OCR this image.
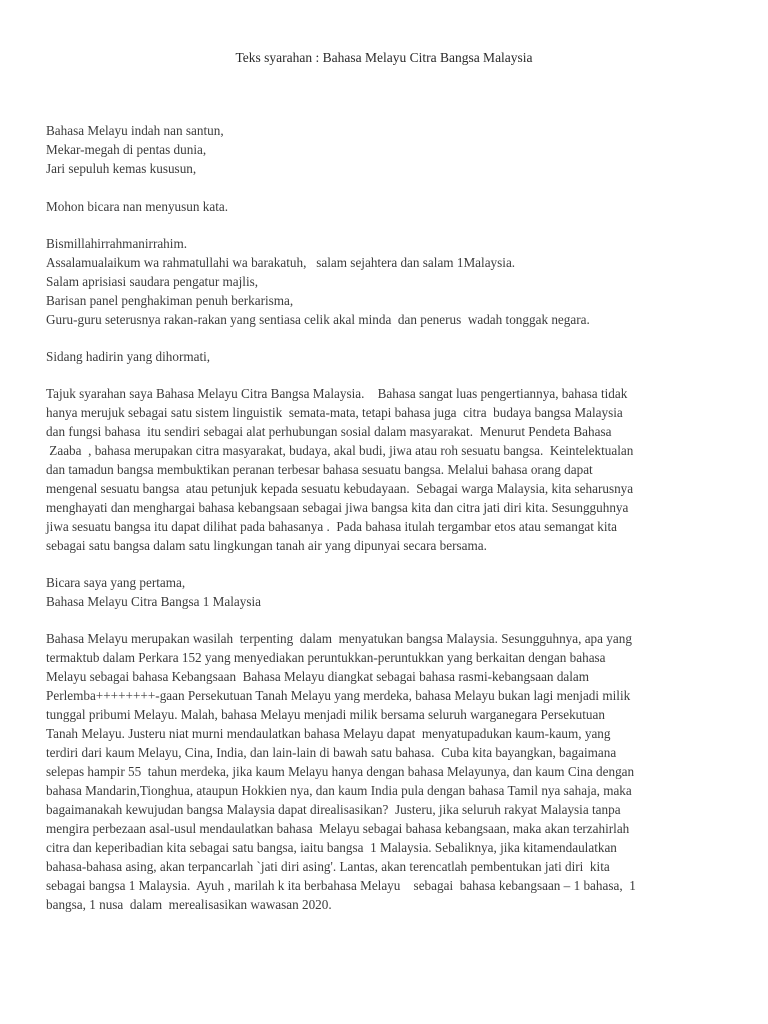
Teks syarahan : Bahasa Melayu Citra Bangsa Malaysia
Bahasa Melayu indah nan santun,
Mekar-megah di pentas dunia,
Jari sepuluh kemas kususun,
Mohon bicara nan menyusun kata.
Bismillahirrahmanirrahim.
Assalamualaikum wa rahmatullahi wa barakatuh,   salam sejahtera dan salam 1Malaysia.
Salam aprisiasi saudara pengatur majlis,
Barisan panel penghakiman penuh berkarisma,
Guru-guru seterusnya rakan-rakan yang sentiasa celik akal minda  dan penerus  wadah tonggak negara.
Sidang hadirin yang dihormati,
Tajuk syarahan saya Bahasa Melayu Citra Bangsa Malaysia.    Bahasa sangat luas pengertiannya, bahasa tidak
hanya merujuk sebagai satu sistem linguistik  semata-mata, tetapi bahasa juga  citra  budaya bangsa Malaysia
dan fungsi bahasa  itu sendiri sebagai alat perhubungan sosial dalam masyarakat.  Menurut Pendeta Bahasa
Zaaba  , bahasa merupakan citra masyarakat, budaya, akal budi, jiwa atau roh sesuatu bangsa.  Keintelektualan
dan tamadun bangsa membuktikan peranan terbesar bahasa sesuatu bangsa. Melalui bahasa orang dapat
mengenal sesuatu bangsa  atau petunjuk kepada sesuatu kebudayaan.  Sebagai warga Malaysia, kita seharusnya
menghayati dan menghargai bahasa kebangsaan sebagai jiwa bangsa kita dan citra jati diri kita. Sesungguhnya
jiwa sesuatu bangsa itu dapat dilihat pada bahasanya .  Pada bahasa itulah tergambar etos atau semangat kita
sebagai satu bangsa dalam satu lingkungan tanah air yang dipunyai secara bersama.
Bicara saya yang pertama,
Bahasa Melayu Citra Bangsa 1 Malaysia
Bahasa Melayu merupakan wasilah  terpenting  dalam  menyatukan bangsa Malaysia. Sesungguhnya, apa yang
termaktub dalam Perkara 152 yang menyediakan peruntukkan-peruntukkan yang berkaitan dengan bahasa
Melayu sebagai bahasa Kebangsaan  Bahasa Melayu diangkat sebagai bahasa rasmi-kebangsaan dalam
Perlemba++++++++-gaan Persekutuan Tanah Melayu yang merdeka, bahasa Melayu bukan lagi menjadi milik
tunggal pribumi Melayu. Malah, bahasa Melayu menjadi milik bersama seluruh warganegara Persekutuan
Tanah Melayu. Justeru niat murni mendaulatkan bahasa Melayu dapat  menyatupadukan kaum-kaum, yang
terdiri dari kaum Melayu, Cina, India, dan lain-lain di bawah satu bahasa.  Cuba kita bayangkan, bagaimana
selepas hampir 55  tahun merdeka, jika kaum Melayu hanya dengan bahasa Melayunya, dan kaum Cina dengan
bahasa Mandarin,Tionghua, ataupun Hokkien nya, dan kaum India pula dengan bahasa Tamil nya sahaja, maka
bagaimanakah kewujudan bangsa Malaysia dapat direalisasikan?  Justeru, jika seluruh rakyat Malaysia tanpa
mengira perbezaan asal-usul mendaulatkan bahasa  Melayu sebagai bahasa kebangsaan, maka akan terzahirlah
citra dan keperibadian kita sebagai satu bangsa, iaitu bangsa  1 Malaysia. Sebaliknya, jika kitamendaulatkan
bahasa-bahasa asing, akan terpancarlah `jati diri asing'. Lantas, akan terencatlah pembentukan jati diri  kita
sebagai bangsa 1 Malaysia.  Ayuh , marilah k ita berbahasa Melayu    sebagai  bahasa kebangsaan – 1 bahasa,  1
bangsa, 1 nusa  dalam  merealisasikan wawasan 2020.
